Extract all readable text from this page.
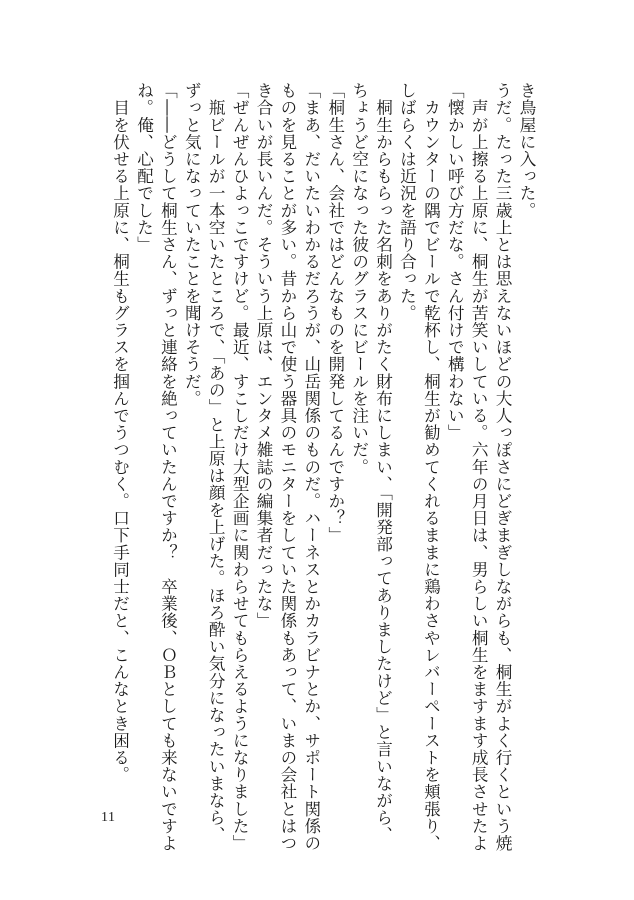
き鳥屋に入った。
うだ。たった三歳上とは思えないほどの大人っぽさにどぎまぎしながらも、桐生がよく行くという焼
　声が上擦る上原に、桐生が苦笑いしている。六年の月日は、男らしい桐生をますます成長させたよ
「懐かしい呼び方だな。さん付けで構わない」
　カウンターの隅でビールで乾杯し、桐生が勧めてくれるままに鶏わさやレバーペーストを頬張り、
しばらくは近況を語り合った。
　桐生からもらった名刺をありがたく財布にしまい、「開発部ってありましたけど」と言いながら、
ちょうど空になった彼のグラスにビールを注いだ。
「桐生さん、会社ではどんなものを開発してるんですか？」
「まあ、だいたいわかるだろうが、山岳関係のものだ。ハーネスとかカラビナとか、サポート関係の
ものを見ることが多い。昔から山で使う器具のモニターをしていた関係もあって、いまの会社とはつ
き合いが長いんだ。そういう上原は、エンタメ雑誌の編集者だったな」
「ぜんぜんひよっこですけど。最近、すこしだけ大型企画に関わらせてもらえるようになりました」
　瓶ビールが一本空いたところで、「あの」と上原は顔を上げた。ほろ酔い気分になったいまなら、
ずっと気になっていたことを聞けそうだ。
「――どうして桐生さん、ずっと連絡を絶っていたんですか？　卒業後、ＯＢとしても来ないですよ
ね。俺、心配でした」
　目を伏せる上原に、桐生もグラスを掴んでうつむく。口下手同士だと、こんなとき困る。
11
